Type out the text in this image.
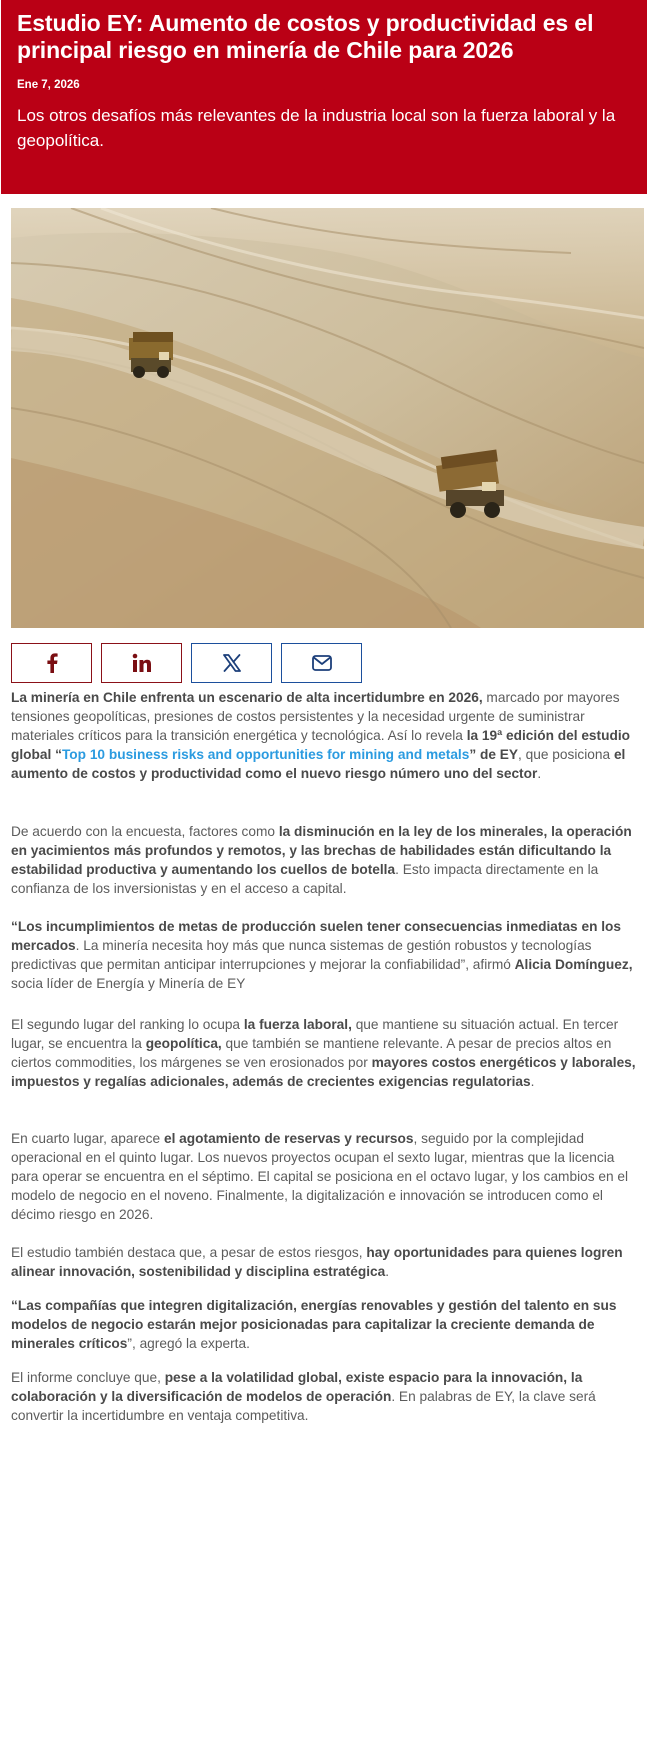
Estudio EY: Aumento de costos y productividad es el principal riesgo en minería de Chile para 2026
Ene 7, 2026
Los otros desafíos más relevantes de la industria local son la fuerza laboral y la geopolítica.

La minería en Chile enfrenta un escenario de alta incertidumbre en 2026, marcado por mayores tensiones geopolíticas, presiones de costos persistentes y la necesidad urgente de suministrar materiales críticos para la transición energética y tecnológica. Así lo revela la 19ª edición del estudio global “Top 10 business risks and opportunities for mining and metals” de EY, que posiciona el aumento de costos y productividad como el nuevo riesgo número uno del sector.

De acuerdo con la encuesta, factores como la disminución en la ley de los minerales, la operación en yacimientos más profundos y remotos, y las brechas de habilidades están dificultando la estabilidad productiva y aumentando los cuellos de botella. Esto impacta directamente en la confianza de los inversionistas y en el acceso a capital.

“Los incumplimientos de metas de producción suelen tener consecuencias inmediatas en los mercados. La minería necesita hoy más que nunca sistemas de gestión robustos y tecnologías predictivas que permitan anticipar interrupciones y mejorar la confiabilidad”, afirmó Alicia Domínguez, socia líder de Energía y Minería de EY

El segundo lugar del ranking lo ocupa la fuerza laboral, que mantiene su situación actual. En tercer lugar, se encuentra la geopolítica, que también se mantiene relevante. A pesar de precios altos en ciertos commodities, los márgenes se ven erosionados por mayores costos energéticos y laborales, impuestos y regalías adicionales, además de crecientes exigencias regulatorias.

En cuarto lugar, aparece el agotamiento de reservas y recursos, seguido por la complejidad operacional en el quinto lugar. Los nuevos proyectos ocupan el sexto lugar, mientras que la licencia para operar se encuentra en el séptimo. El capital se posiciona en el octavo lugar, y los cambios en el modelo de negocio en el noveno. Finalmente, la digitalización e innovación se introducen como el décimo riesgo en 2026.

El estudio también destaca que, a pesar de estos riesgos, hay oportunidades para quienes logren alinear innovación, sostenibilidad y disciplina estratégica.

“Las compañías que integren digitalización, energías renovables y gestión del talento en sus modelos de negocio estarán mejor posicionadas para capitalizar la creciente demanda de minerales críticos”, agregó la experta.

El informe concluye que, pese a la volatilidad global, existe espacio para la innovación, la colaboración y la diversificación de modelos de operación. En palabras de EY, la clave será convertir la incertidumbre en ventaja competitiva.
